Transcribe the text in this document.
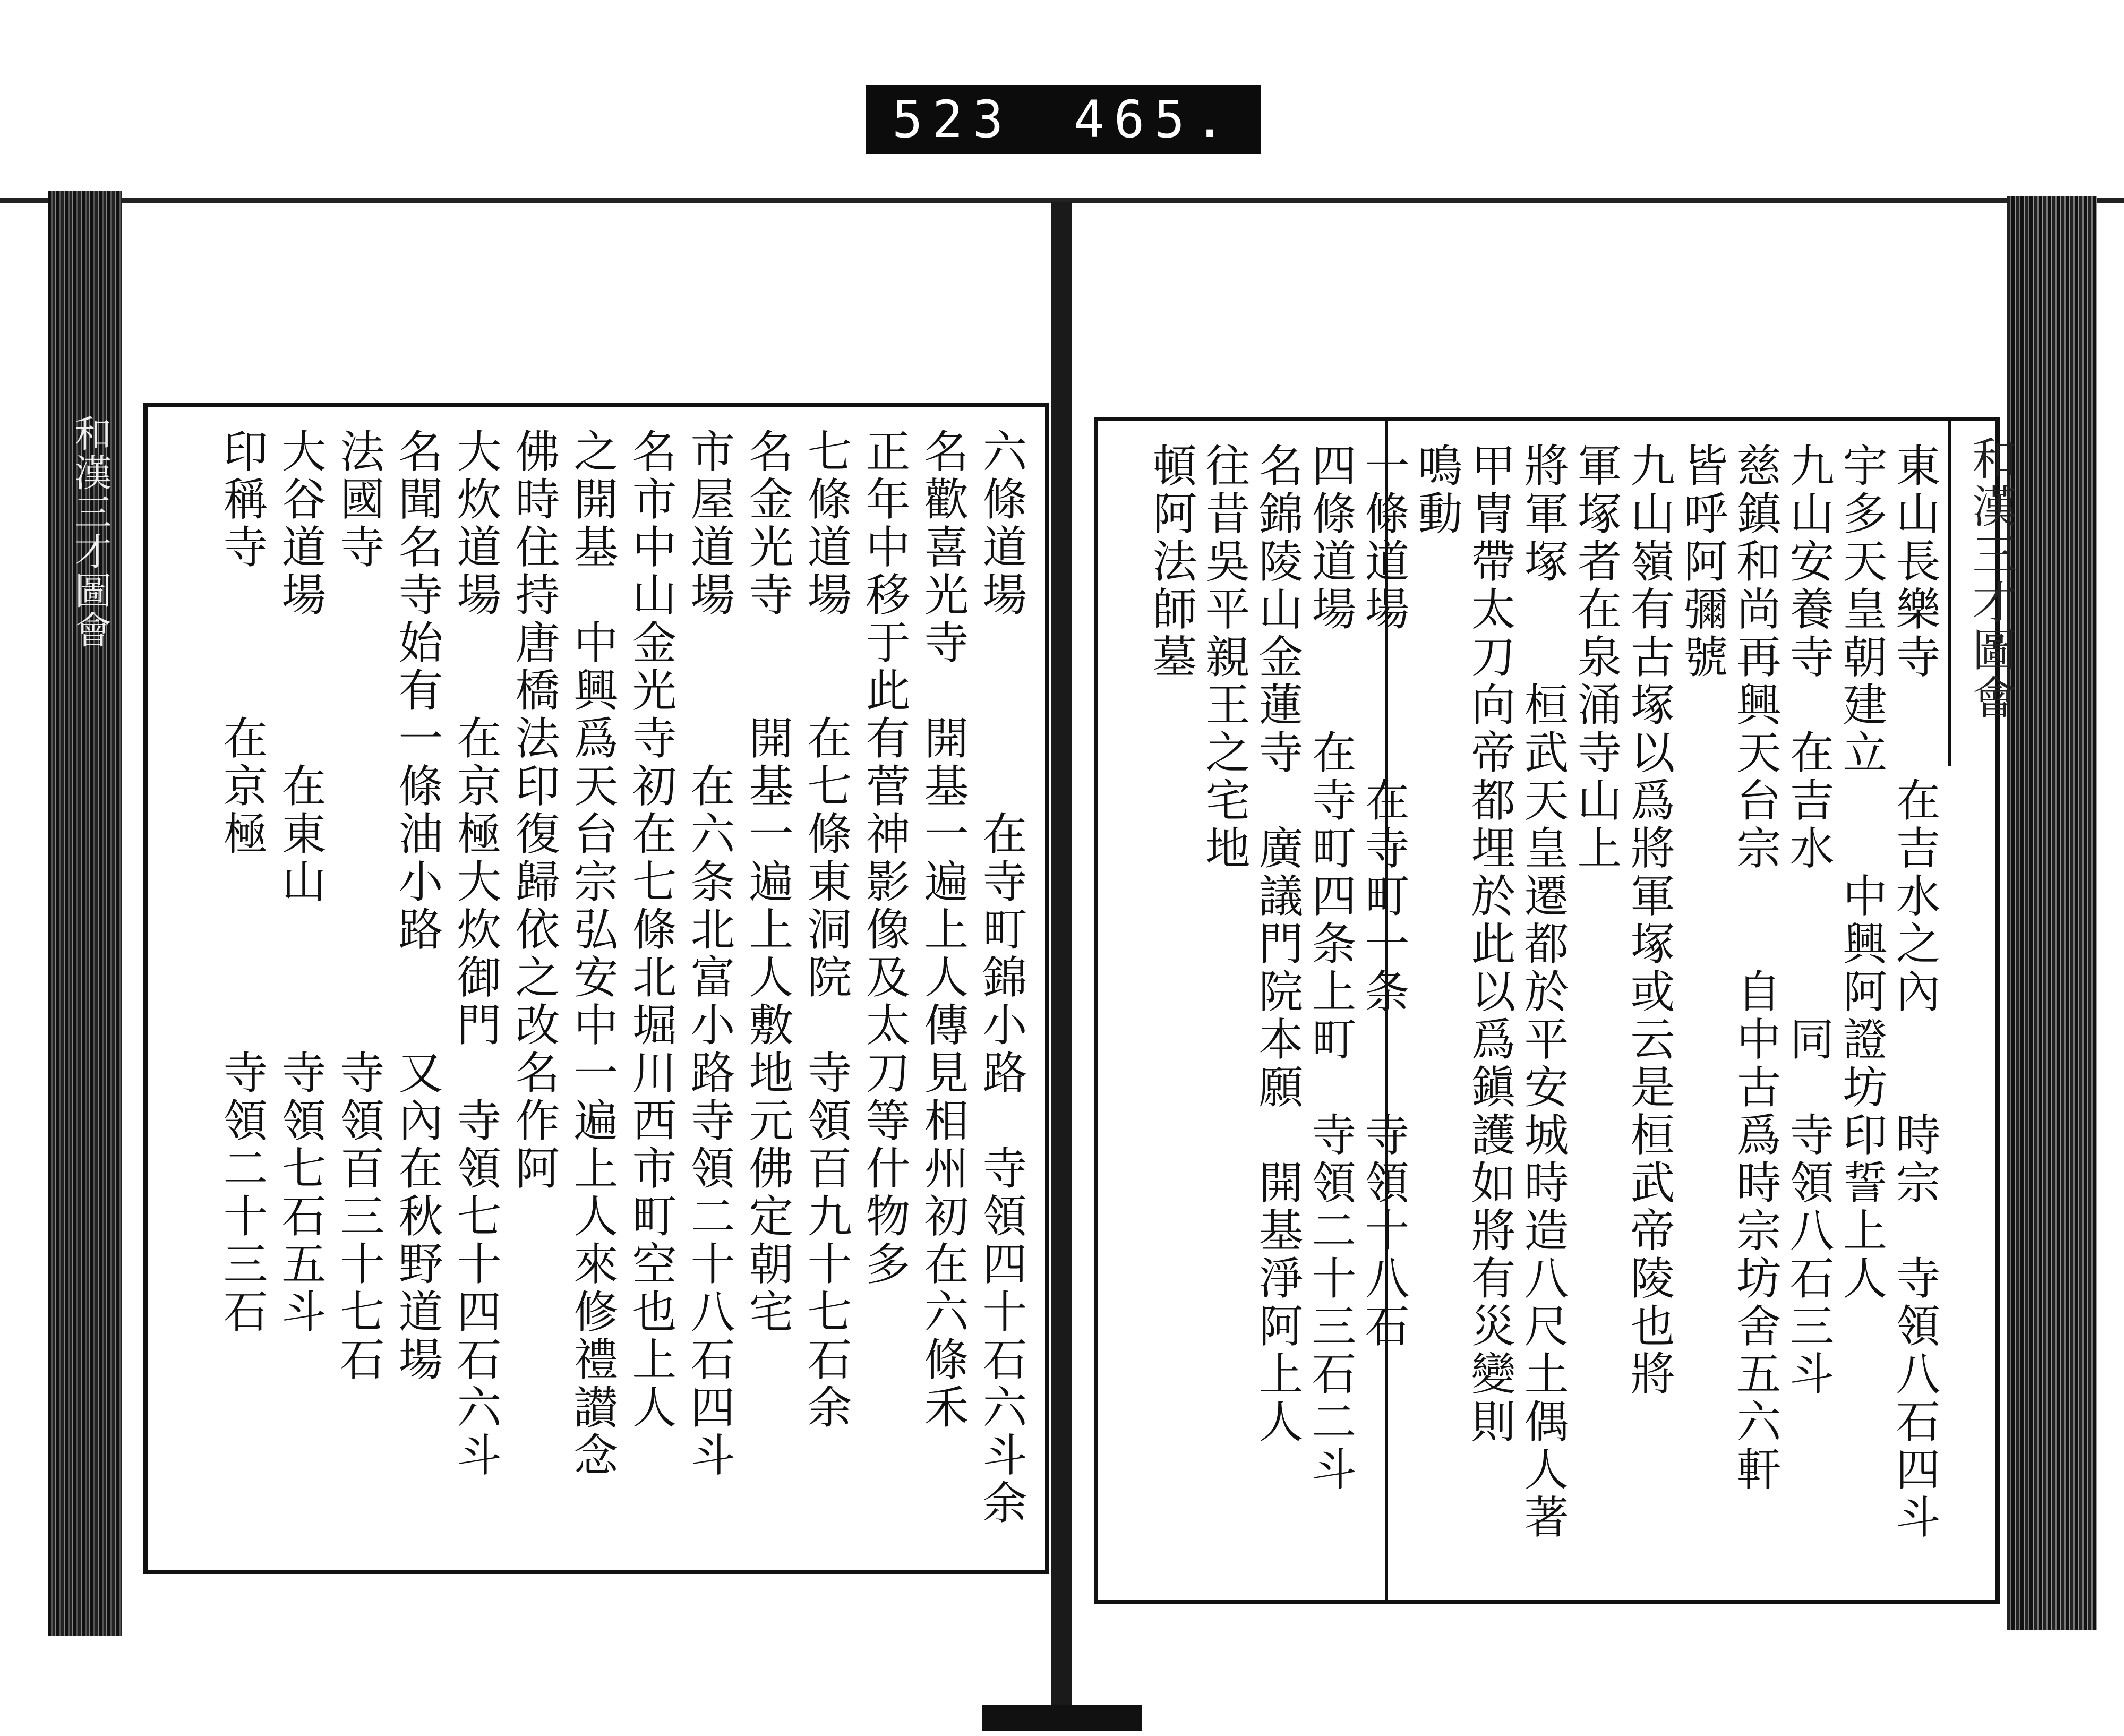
523 465.
和漢三才圖會	六條道場　　　　在寺町錦小路　寺領四十石六斗余
名歡喜光寺　開基一遍上人傳見相州初在六條禾
正年中移于此有菅神影像及太刀等什物多
七條道場　　在七條東洞院　寺領百九十七石余
名金光寺　　開基一遍上人敷地元佛定朝宅
市屋道場　　　在六条北富小路寺領二十八石四斗
名市中山金光寺初在七條北堀川西市町空也上人
之開基　中興爲天台宗弘安中一遍上人來修禮讃念
佛時住持唐橋法印復歸依之改名作阿
大炊道場　　在京極大炊御門　寺領七十四石六斗
名聞名寺始有一條油小路　　又內在秋野道場
法國寺　　　　　　　　　　寺領百三十七石
大谷道場　　　在東山　　　寺領七石五斗
印稱寺　　　在京極　　　　寺領二十三石	東山長樂寺　　在吉水之內　　時宗　寺領八石四斗
宇多天皇朝建立　　中興阿證坊印誓上人
九山安養寺　在吉水　　　同　寺領八石三斗
慈鎮和尚再興天台宗　　自中古爲時宗坊舍五六軒
皆呼阿彌號
九山嶺有古塚以爲將軍塚或云是桓武帝陵也將
軍塚者在泉涌寺山上
將軍塚　　桓武天皇遷都於平安城時造八尺土偶人著
甲冑帶太刀向帝都埋於此以爲鎭護如將有災變則
鳴動
一條道場　　　在寺町一条　　寺領十八石
四條道場　　在寺町四条上町　寺領二十三石二斗
名錦陵山金蓮寺　廣議門院本願　開基淨阿上人
往昔吳平親王之宅地
頓阿法師墓	和漢三才圖會
